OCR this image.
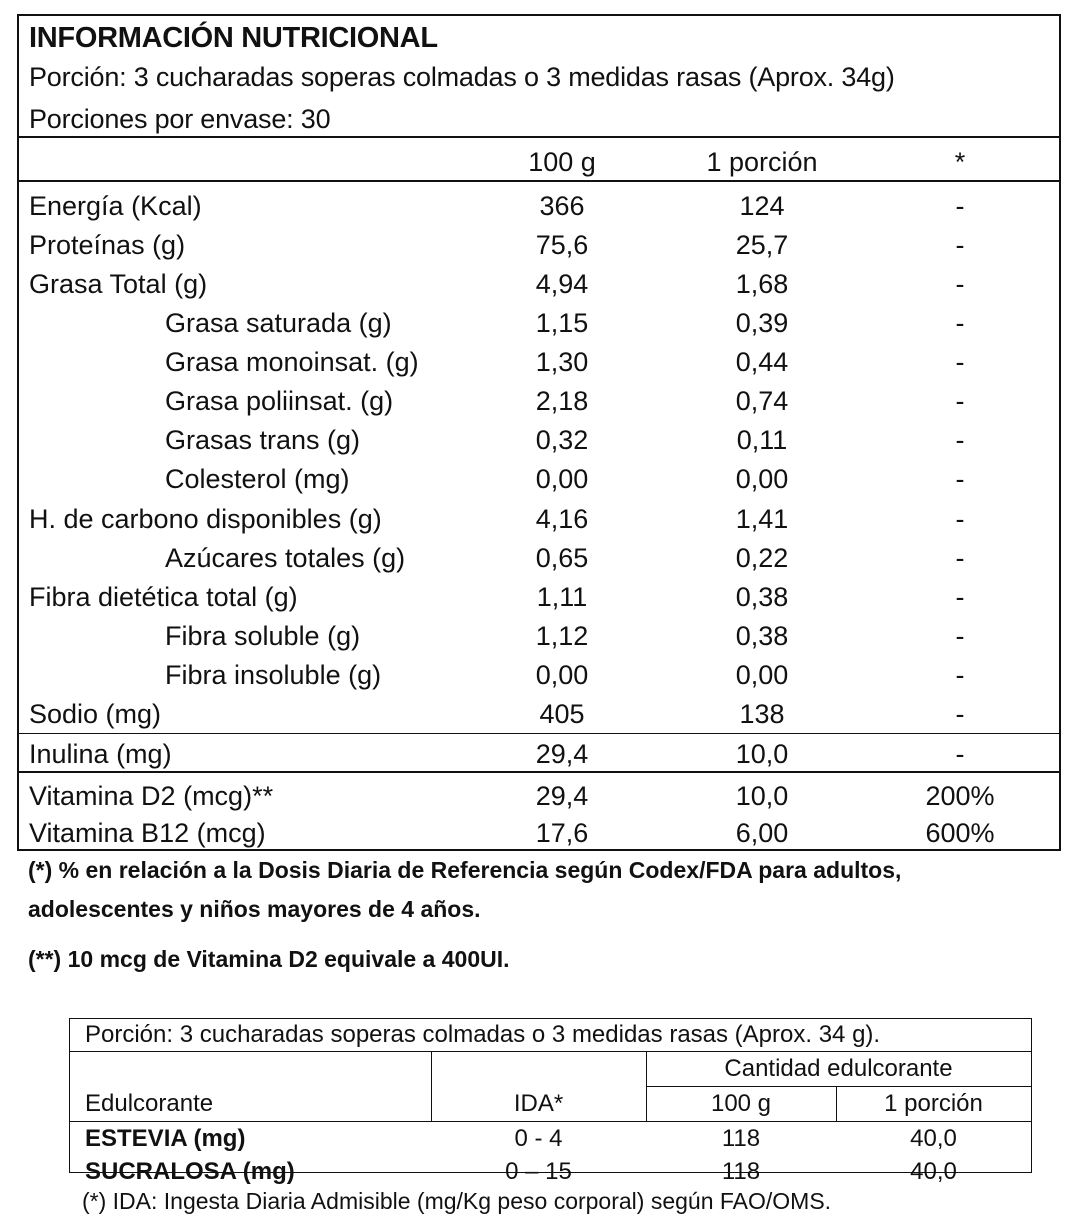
INFORMACIÓN NUTRICIONAL
Porción: 3 cucharadas soperas colmadas o 3 medidas rasas (Aprox. 34g)
Porciones por envase: 30
100 g	1 porción	*
Energía (Kcal)	366	124	-
Proteínas (g)	75,6	25,7	-
Grasa Total (g)	4,94	1,68	-
Grasa saturada (g)	1,15	0,39	-
Grasa monoinsat. (g)	1,30	0,44	-
Grasa poliinsat. (g)	2,18	0,74	-
Grasas trans (g)	0,32	0,11	-
Colesterol (mg)	0,00	0,00	-
H. de carbono disponibles (g)	4,16	1,41	-
Azúcares totales (g)	0,65	0,22	-
Fibra dietética total (g)	1,11	0,38	-
Fibra soluble (g)	1,12	0,38	-
Fibra insoluble (g)	0,00	0,00	-
Sodio (mg)	405	138	-
Inulina (mg)	29,4	10,0	-
Vitamina D2 (mcg)**	29,4	10,0	200%
Vitamina B12 (mcg)	17,6	6,00	600%
(*) % en relación a la Dosis Diaria de Referencia según Codex/FDA para adultos,
adolescentes y niños mayores de 4 años.
(**) 10 mcg de Vitamina D2 equivale a 400UI.
Porción: 3 cucharadas soperas colmadas o 3 medidas rasas (Aprox. 34 g).
Cantidad edulcorante
Edulcorante	IDA*	100 g	1 porción
ESTEVIA (mg)	0 - 4	118	40,0
SUCRALOSA (mg)	0 – 15	118	40,0
(*) IDA: Ingesta Diaria Admisible (mg/Kg peso corporal) según FAO/OMS.
